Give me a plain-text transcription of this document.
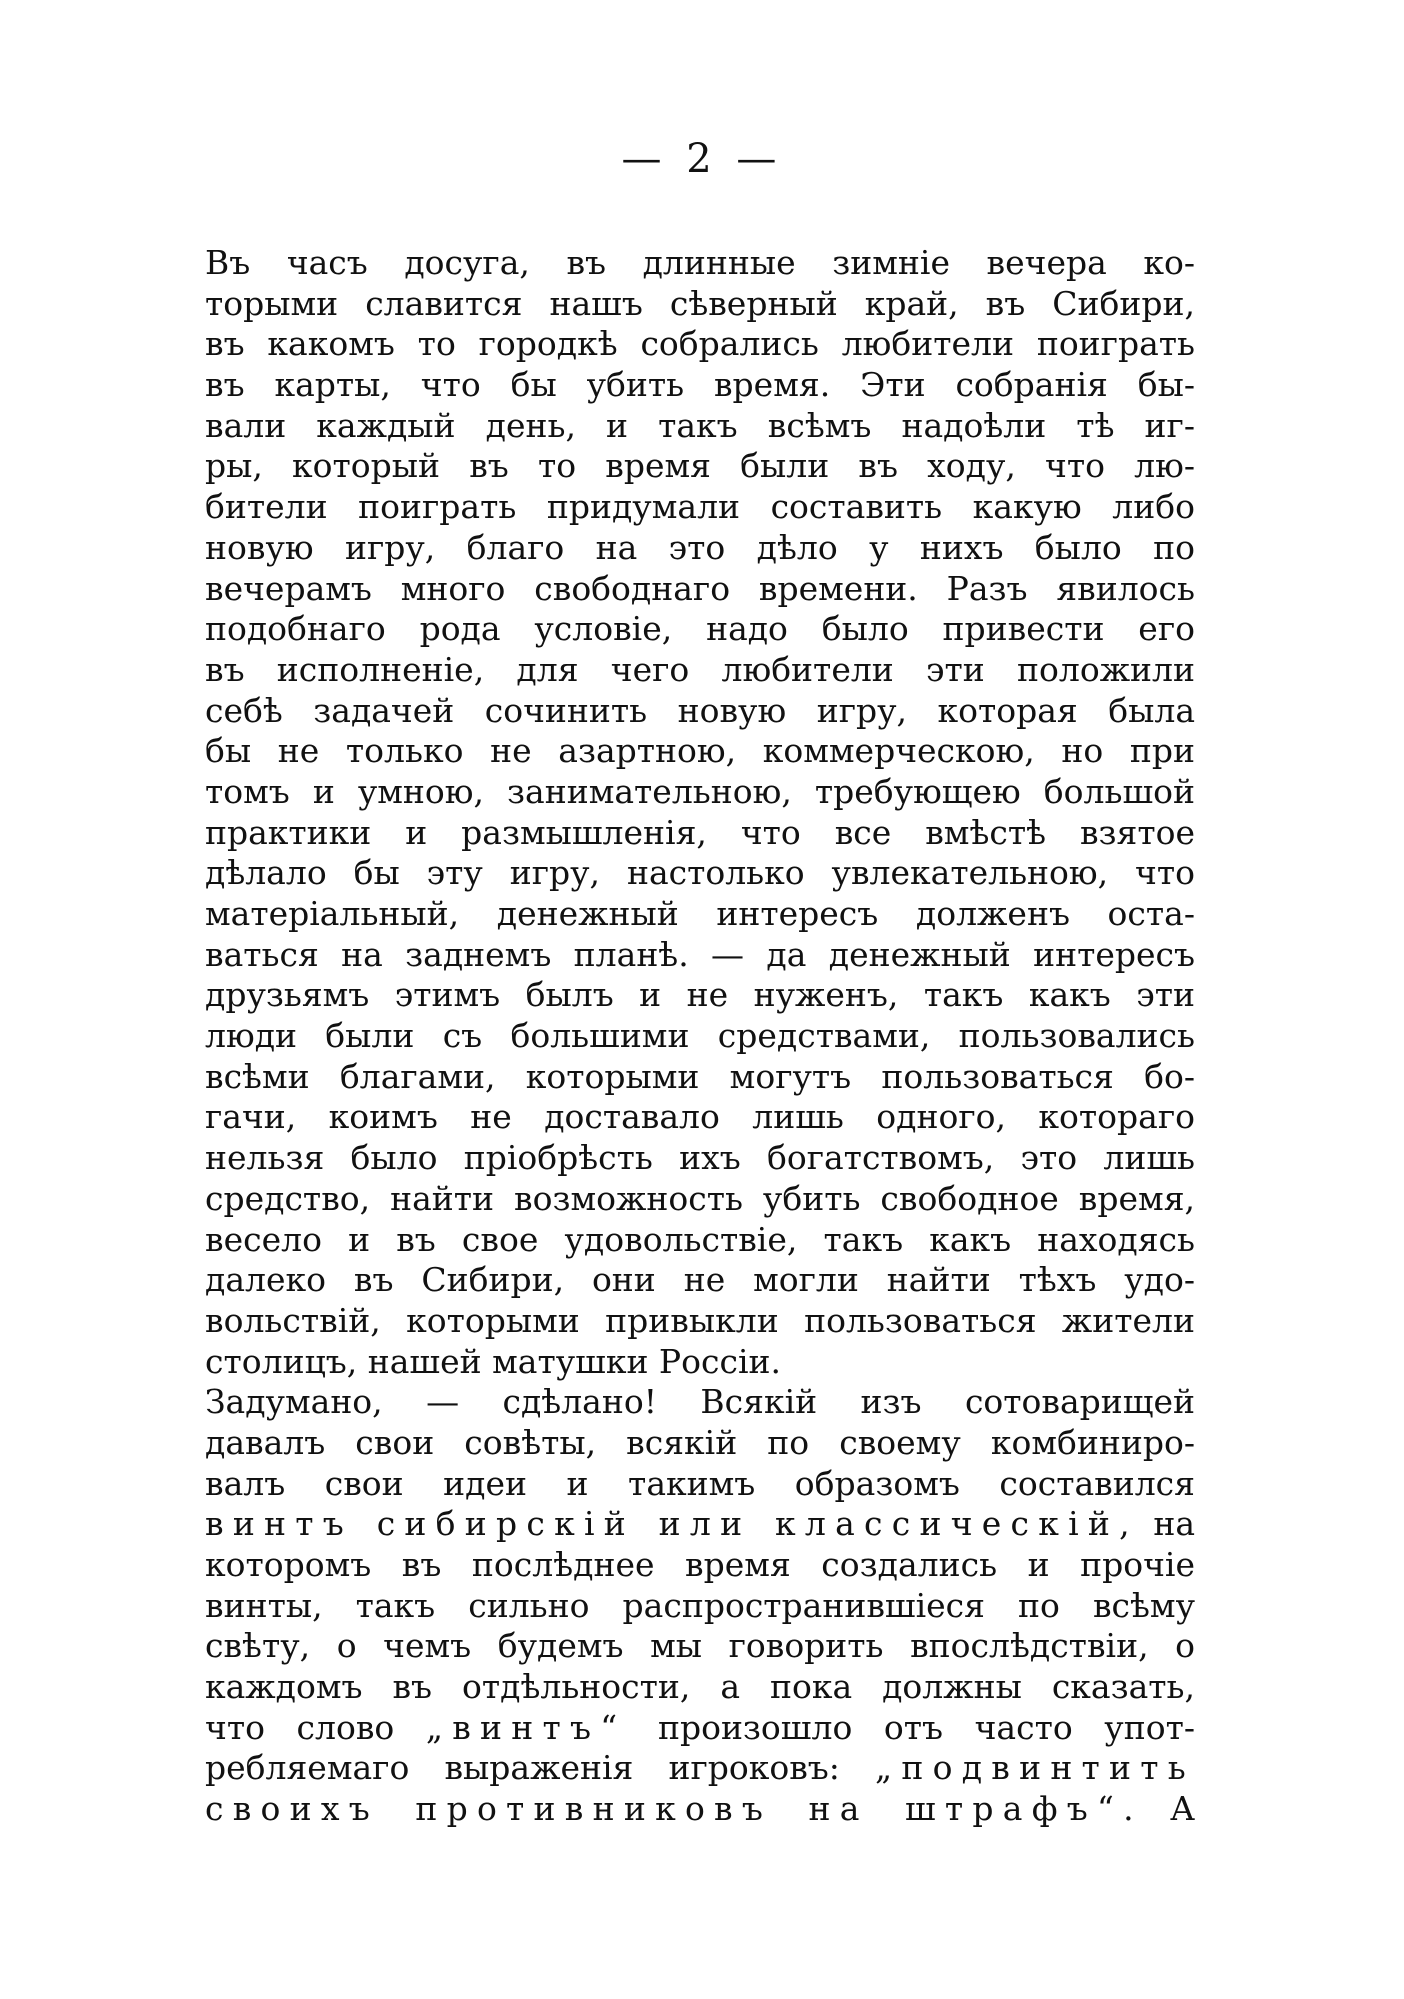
— 2 —
Въ часъ досуга, въ длинные зимніе вечера ко-
торыми славится нашъ сѣверный край, въ Сибири,
въ какомъ то городкѣ собрались любители поиграть
въ карты, что бы убить время. Эти собранія бы-
вали каждый день, и такъ всѣмъ надоѣли тѣ иг-
ры, который въ то время были въ ходу, что лю-
бители поиграть придумали составить какую либо
новую игру, благо на это дѣло у нихъ было по
вечерамъ много свободнаго времени. Разъ явилось
подобнаго рода условіе, надо было привести его
въ исполненіе, для чего любители эти положили
себѣ задачей сочинить новую игру, которая была
бы не только не азартною, коммерческою, но при
томъ и умною, занимательною, требующею большой
практики и размышленія, что все вмѣстѣ взятое
дѣлало бы эту игру, настолько увлекательною, что
матеріальный, денежный интересъ долженъ оста-
ваться на заднемъ планѣ. — да денежный интересъ
друзьямъ этимъ былъ и не нуженъ, такъ какъ эти
люди были съ большими средствами, пользовались
всѣми благами, которыми могутъ пользоваться бо-
гачи, коимъ не доставало лишь одного, котораго
нельзя было пріобрѣсть ихъ богатствомъ, это лишь
средство, найти возможность убить свободное время,
весело и въ свое удовольствіе, такъ какъ находясь
далеко въ Сибири, они не могли найти тѣхъ удо-
вольствій, которыми привыкли пользоваться жители
столицъ, нашей матушки Россіи.
Задумано, — сдѣлано! Всякій изъ сотоварищей
давалъ свои совѣты, всякій по своему комбиниро-
валъ свои идеи и такимъ образомъ составился
винтъ сибирскій или классическій, на
которомъ въ послѣднее время создались и прочіе
винты, такъ сильно распространившіеся по всѣму
свѣту, о чемъ будемъ мы говорить впослѣдствіи, о
каждомъ въ отдѣльности, а пока должны сказать,
что слово „винтъ“ произошло отъ часто упот-
ребляемаго выраженія игроковъ: „подвинтить
своихъ противниковъ на штрафъ“. А
